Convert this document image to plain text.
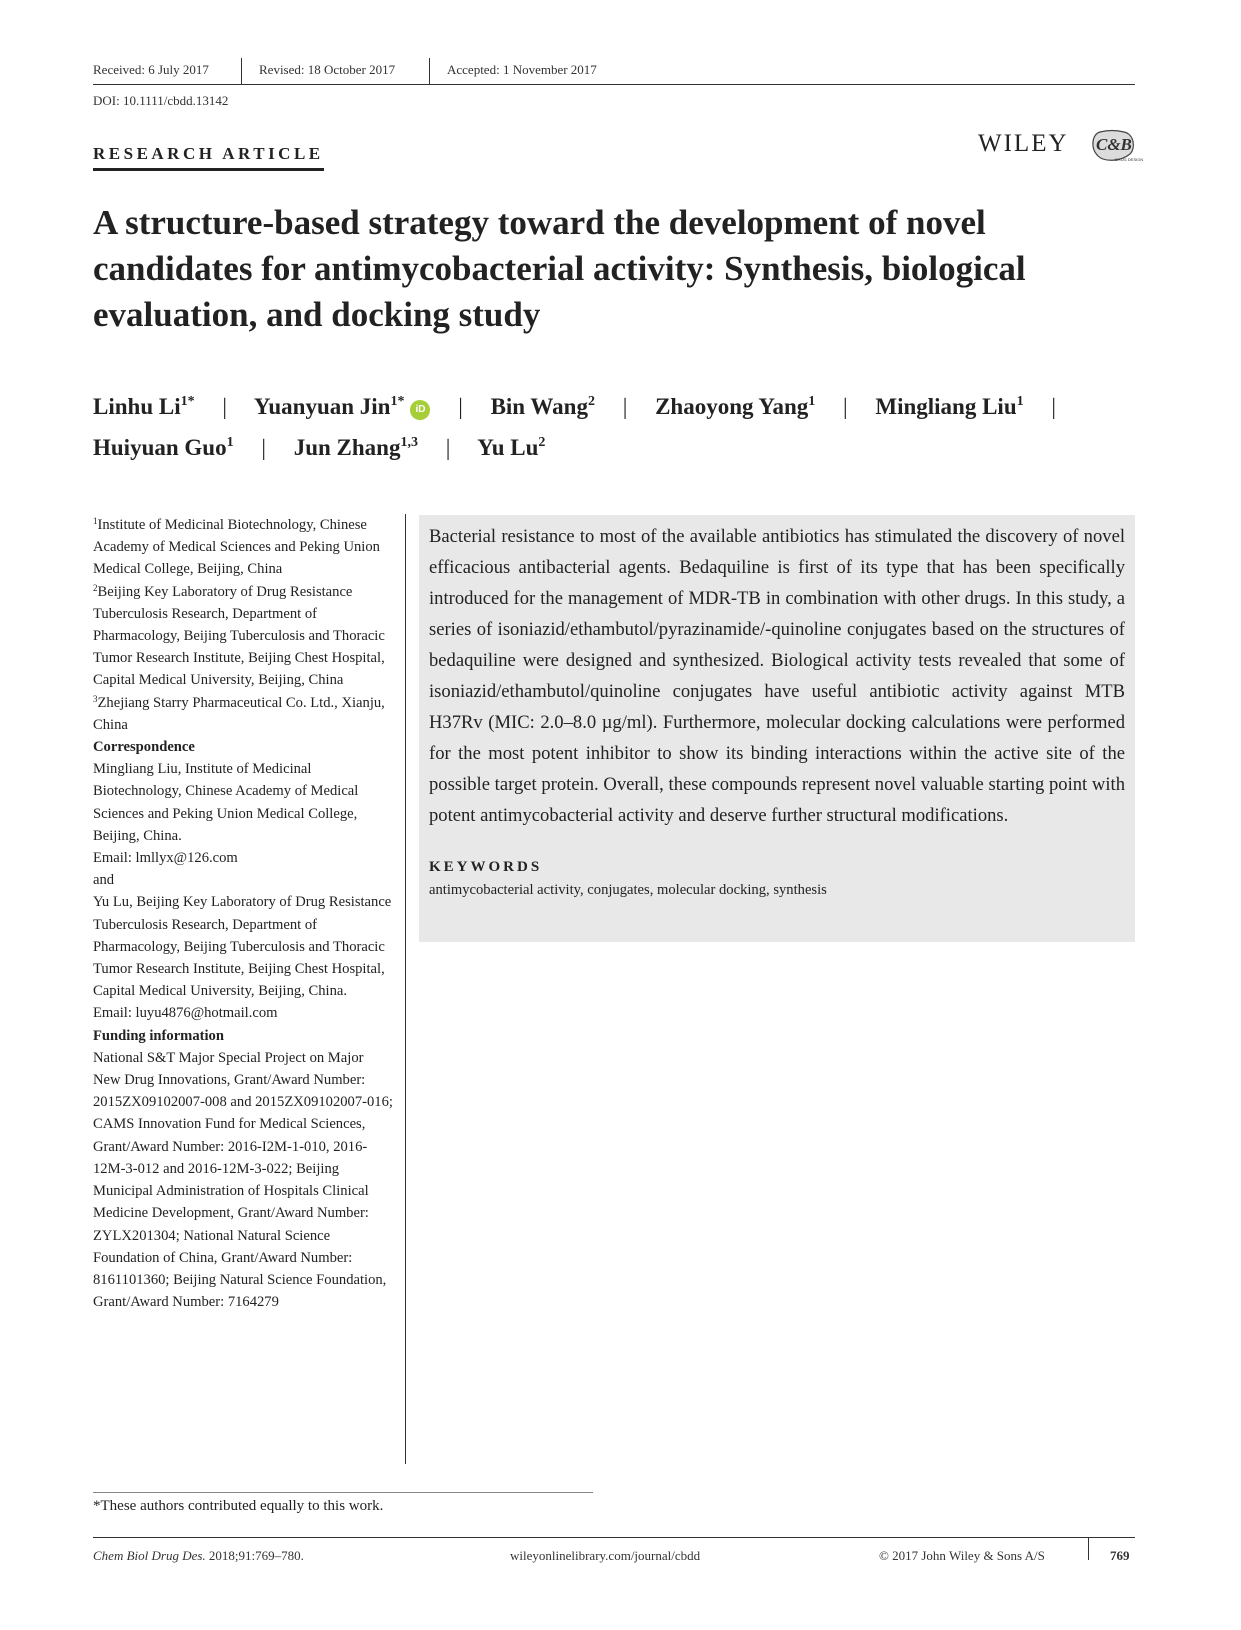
Received: 6 July 2017	Revised: 18 October 2017	Accepted: 1 November 2017
DOI: 10.1111/cbdd.13142
RESEARCH ARTICLE	WILEY C&B
DRUG DESIGN
A structure-based strategy toward the development of novel candidates for antimycobacterial activity: Synthesis, biological evaluation, and docking study
Linhu $Li^{1*}$ | Yuanyuan Jin$^{1*}$iD | Bin Wang$^2$ | Zhaoyong Yang$^1$ | Mingliang Liu$^1$ |
Huiyuan Guo$^1$ | Jun Zhang$^{1,3}$ | Yu Lu$^2$

$^1$Institute of Medicinal Biotechnology, Chinese Academy of Medical Sciences and Peking Union Medical College, Beijing, China

$^2$Beijing Key Laboratory of Drug Resistance Tuberculosis Research, Department of Pharmacology, Beijing Tuberculosis and Thoracic Tumor Research Institute, Beijing Chest Hospital, Capital Medical University, Beijing, China

$^3$Zhejiang Starry Pharmaceutical Co. Ltd., Xianju, China

Correspondence

Mingliang Liu, Institute of Medicinal Biotechnology, Chinese Academy of Medical Sciences and Peking Union Medical College, Beijing, China.

Email: lmllyx@126.com

and

Yu Lu, Beijing Key Laboratory of Drug Resistance Tuberculosis Research, Department of Pharmacology, Beijing Tuberculosis and Thoracic Tumor Research Institute, Beijing Chest Hospital, Capital Medical University, Beijing, China.

Email: luyu4876@hotmail.com

Funding information

National S&T Major Special Project on Major New Drug Innovations, Grant/Award Number: 2015ZX09102007-008 and 2015ZX09102007-016; CAMS Innovation Fund for Medical Sciences, Grant/Award Number: 2016-I2M-1-010, 2016-12M-3-012 and 2016-12M-3-022; Beijing Municipal Administration of Hospitals Clinical Medicine Development, Grant/Award Number: ZYLX201304; National Natural Science Foundation of China, Grant/Award Number: 8161101360; Beijing Natural Science Foundation, Grant/Award Number: 7164279

Bacterial resistance to most of the available antibiotics has stimulated the discovery of novel efficacious antibacterial agents. Bedaquiline is first of its type that has been specifically introduced for the management of MDR-TB in combination with other drugs. In this study, a series of isoniazid/ethambutol/pyrazinamide/-quinoline conjugates based on the structures of bedaquiline were designed and synthesized. Biological activity tests revealed that some of isoniazid/ethambutol/quinoline conjugates have useful antibiotic activity against MTB H37Rv (MIC: 2.0–8.0 µg/ml). Furthermore, molecular docking calculations were performed for the most potent inhibitor to show its binding interactions within the active site of the possible target protein. Overall, these compounds represent novel valuable starting point with potent antimycobacterial activity and deserve further structural modifications.

KEYWORDS

antimycobacterial activity, conjugates, molecular docking, synthesis

*These authors contributed equally to this work.
Chem Biol Drug Des. 2018;91:769–780.	wileyonlinelibrary.com/journal/cbdd	© 2017 John Wiley & Sons A/S	769
